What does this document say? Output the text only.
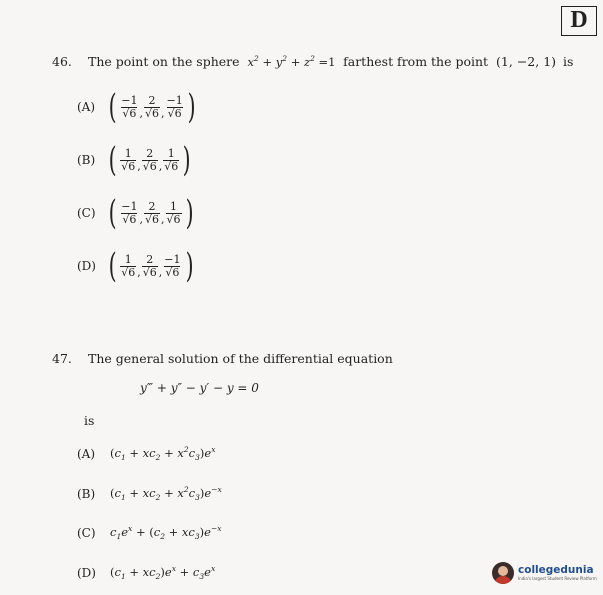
D
46. The point on the sphere $x^2 + y^2 + z^2 =1$ farthest from the point (1, −2, 1) is
(A) ( $\frac{-1}{√6}$ , $\frac{2}{√6}$ , $\frac{-1}{√6}$ )
(B) ( $\frac{1}{√6}$ , $\frac{2}{√6}$ , $\frac{1}{√6}$ )
(C) ( $\frac{-1}{√6}$ , $\frac{2}{√6}$ , $\frac{1}{√6}$ )
(D) ( $\frac{1}{√6}$ , $\frac{2}{√6}$ , $\frac{-1}{√6}$ )
47. The general solution of the differential equation
y‴ + y″ − y′ − y = 0
is
(A) $(c_1 + xc_2 + x^2c_3)e^x$
(B) $(c_1 + xc_2 + x^2c_3)e^{-x}$
(C) $c_1e^x + (c_2 + xc_3)e^{-x}$
(D) $(c_1 + xc_2)e^x + c_3e^x$	collegedunia
India's largest Student Review Platform
